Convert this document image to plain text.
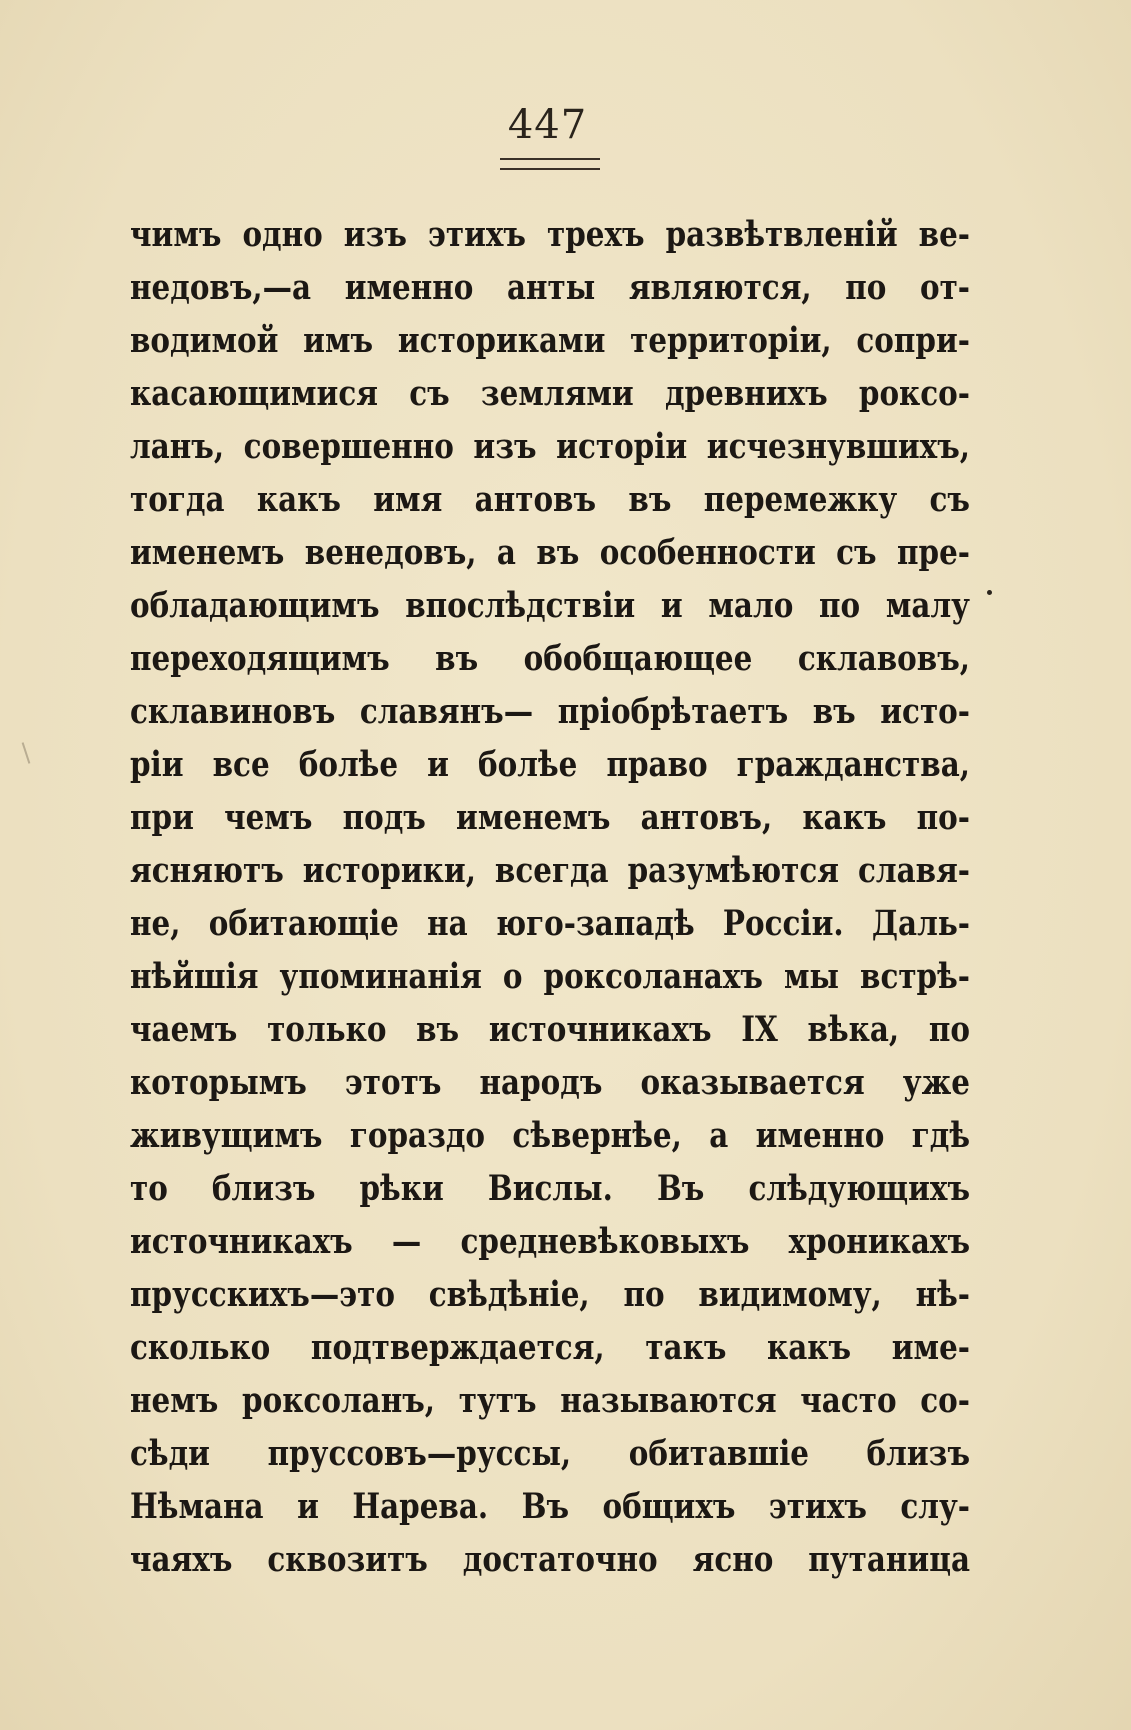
447
чимъ одно изъ этихъ трехъ развѣтвленій ве-
недовъ,—а именно анты являются, по от-
водимой имъ историками территоріи, сопри-
касающимися съ землями древнихъ роксо-
ланъ, совершенно изъ исторіи исчезнувшихъ,
тогда какъ имя антовъ въ перемежку съ
именемъ венедовъ, а въ особенности съ пре-
обладающимъ впослѣдствіи и мало по малу
переходящимъ въ обобщающее склавовъ,
склавиновъ славянъ— пріобрѣтаетъ въ исто-
ріи все болѣе и болѣе право гражданства,
при чемъ подъ именемъ антовъ, какъ по-
ясняютъ историки, всегда разумѣются славя-
не, обитающіе на юго-западѣ Россіи. Даль-
нѣйшія упоминанія о роксоланахъ мы встрѣ-
чаемъ только въ источникахъ IX вѣка, по
которымъ этотъ народъ оказывается уже
живущимъ гораздо сѣвернѣе, а именно гдѣ
то близъ рѣки Вислы. Въ слѣдующихъ
источникахъ — средневѣковыхъ хроникахъ
прусскихъ—это свѣдѣніе, по видимому, нѣ-
сколько подтверждается, такъ какъ име-
немъ роксоланъ, тутъ называются часто со-
сѣди пруссовъ—руссы, обитавшіе близъ
Нѣмана и Нарева. Въ общихъ этихъ слу-
чаяхъ сквозитъ достаточно ясно путаница
